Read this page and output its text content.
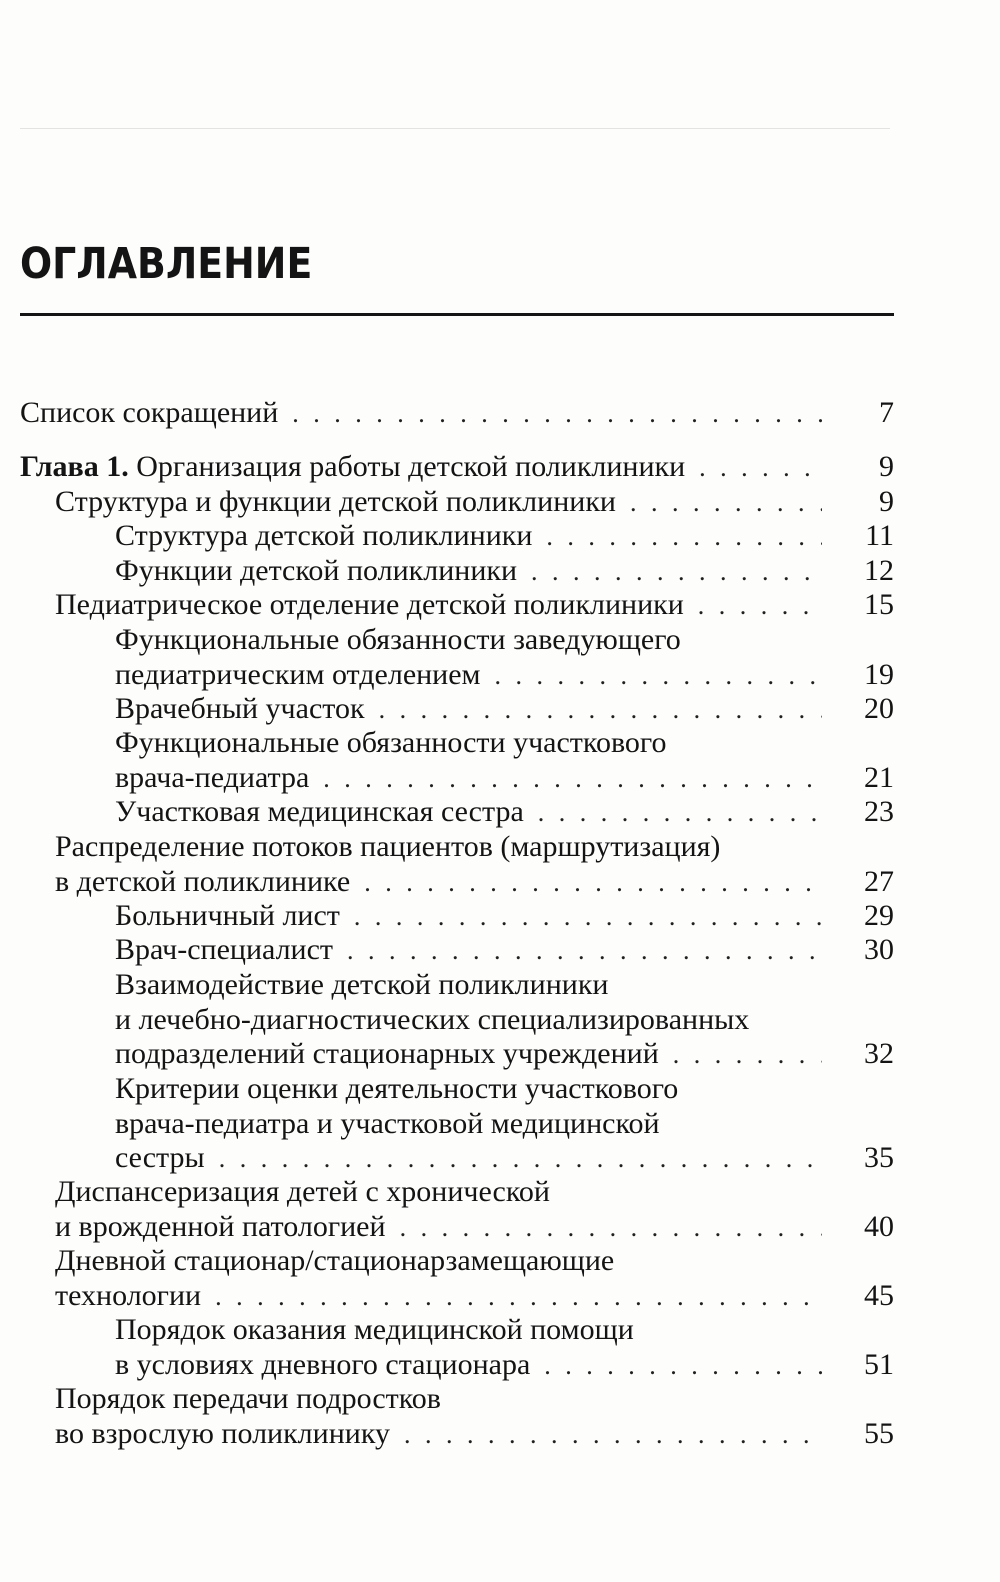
ОГЛАВЛЕНИЕ
Список сокращений . . .	7
Глава 1.
Организация работы детской поликлиники . . .	9
Структура и функции детской поликлиники . . .	9
Структура детской поликлиники . . .	11
Функции детской поликлиники . . .	12
Педиатрическое отделение детской поликлиники . . .	15
Функциональные обязанности заведующего
педиатрическим отделением . . .	19
Врачебный участок . . .	20
Функциональные обязанности участкового
врача-педиатра . . .	21
Участковая медицинская сестра . . .	23
Распределение потоков пациентов (маршрутизация)
в детской поликлинике . . .	27
Больничный лист . . .	29
Врач-специалист . . .	30
Взаимодействие детской поликлиники
и лечебно-диагностических специализированных
подразделений стационарных учреждений . . .	32
Критерии оценки деятельности участкового
врача-педиатра и участковой медицинской
сестры . . .	35
Диспансеризация детей с хронической
и врожденной патологией . . .	40
Дневной стационар/стационарзамещающие
технологии . . .	45
Порядок оказания медицинской помощи
в условиях дневного стационара . . .	51
Порядок передачи подростков
во взрослую поликлинику . . .	55
